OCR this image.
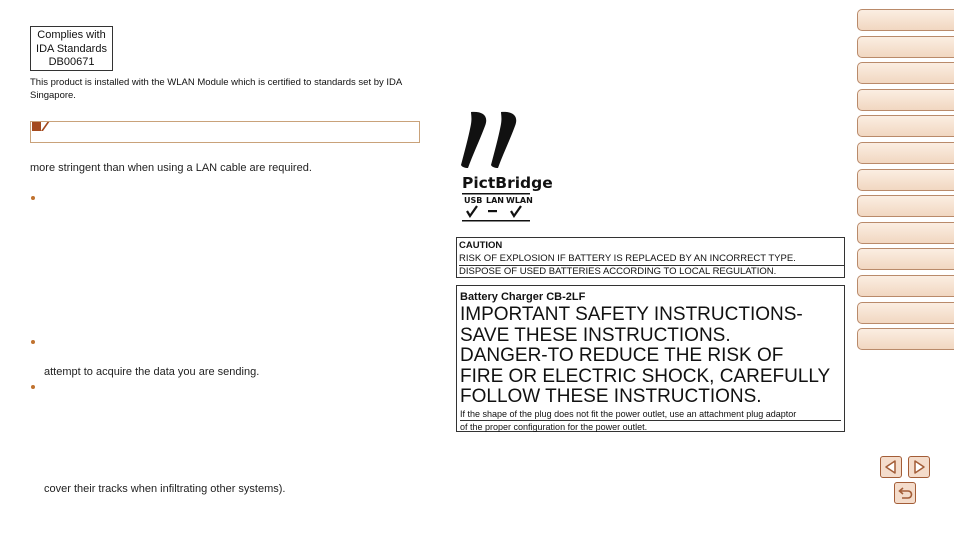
Complies with
IDA Standards
DB00671
This product is installed with the WLAN Module which is certified to standards set by IDA Singapore.
more stringent than when using a LAN cable are required.
attempt to acquire the data you are sending.
cover their tracks when infiltrating other systems).
PictBridge
USB LAN WLAN
CAUTION
RISK OF EXPLOSION IF BATTERY IS REPLACED BY AN INCORRECT TYPE.
DISPOSE OF USED BATTERIES ACCORDING TO LOCAL REGULATION.
Battery Charger CB-2LF
IMPORTANT SAFETY INSTRUCTIONS-
SAVE THESE INSTRUCTIONS.
DANGER-TO REDUCE THE RISK OF
FIRE OR ELECTRIC SHOCK, CAREFULLY
FOLLOW THESE INSTRUCTIONS.
If the shape of the plug does not fit the power outlet, use an attachment plug adaptor
of the proper configuration for the power outlet.
